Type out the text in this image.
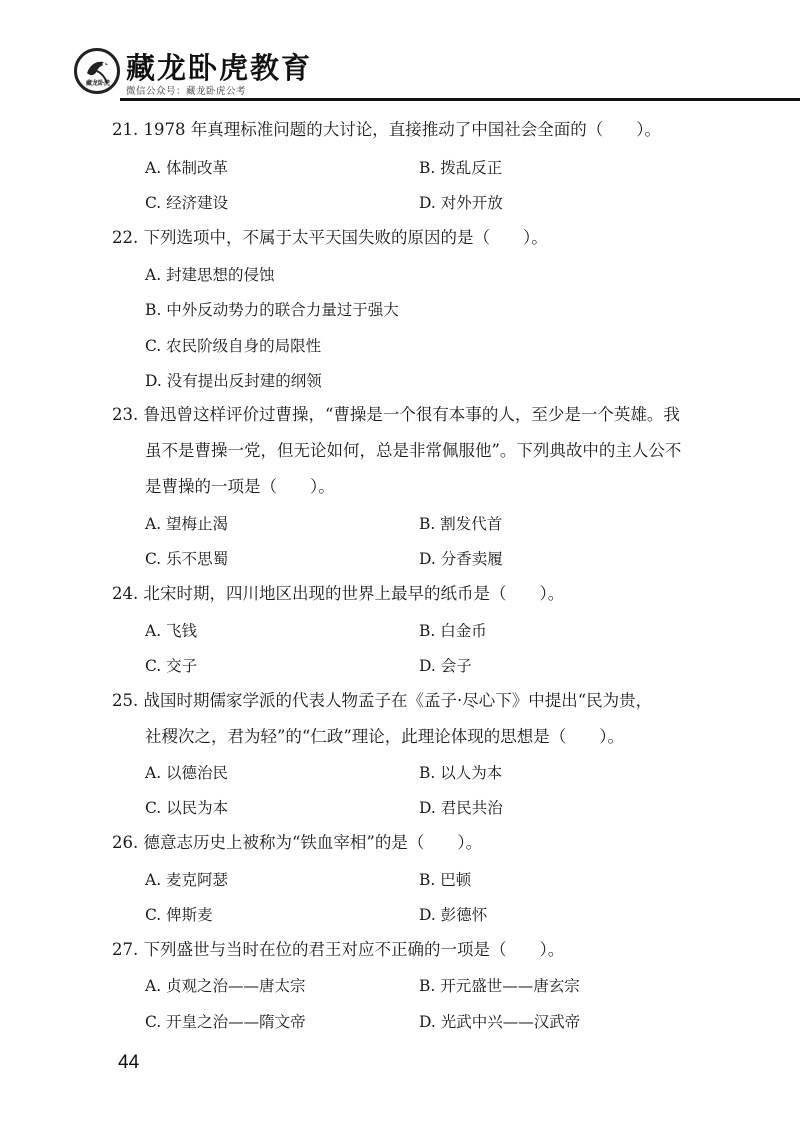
藏龙卧虎 藏龙卧虎教育
微信公众号：藏龙卧虎公考
21. 1978 年真理标准问题的大讨论，直接推动了中国社会全面的（　　）。
A. 体制改革	B. 拨乱反正
C. 经济建设	D. 对外开放
22. 下列选项中，不属于太平天国失败的原因的是（　　）。
A. 封建思想的侵蚀
B. 中外反动势力的联合力量过于强大
C. 农民阶级自身的局限性
D. 没有提出反封建的纲领
23. 鲁迅曾这样评价过曹操，“曹操是一个很有本事的人，至少是一个英雄。我
虽不是曹操一党，但无论如何，总是非常佩服他”。下列典故中的主人公不
是曹操的一项是（　　）。
A. 望梅止渴	B. 割发代首
C. 乐不思蜀	D. 分香卖履
24. 北宋时期，四川地区出现的世界上最早的纸币是（　　）。
A. 飞钱	B. 白金币
C. 交子	D. 会子
25. 战国时期儒家学派的代表人物孟子在《孟子·尽心下》中提出“民为贵，
社稷次之，君为轻”的“仁政”理论，此理论体现的思想是（　　）。
A. 以德治民	B. 以人为本
C. 以民为本	D. 君民共治
26. 德意志历史上被称为“铁血宰相”的是（　　）。
A. 麦克阿瑟	B. 巴顿
C. 俾斯麦	D. 彭德怀
27. 下列盛世与当时在位的君王对应不正确的一项是（　　）。
A. 贞观之治——唐太宗	B. 开元盛世——唐玄宗
C. 开皇之治——隋文帝	D. 光武中兴——汉武帝
44
